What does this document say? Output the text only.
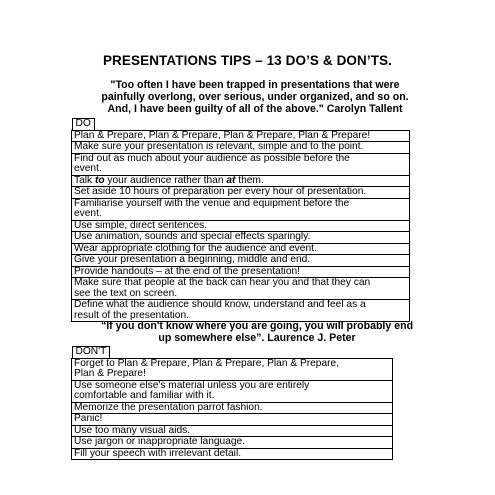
PRESENTATIONS TIPS – 13 DO’S & DON’TS.
"Too often I have been trapped in presentations that were
painfully overlong, over serious, under organized, and so on.
And, I have been guilty of all of the above." Carolyn Tallent
DO
Plan & Prepare, Plan & Prepare, Plan & Prepare, Plan & Prepare!
Make sure your presentation is relevant, simple and to the point.
Find out as much about your audience as possible before the
event.
Talk to your audience rather than at them.
Set aside 10 hours of preparation per every hour of presentation.
Familiarise yourself with the venue and equipment before the
event.
Use simple, direct sentences.
Use animation, sounds and special effects sparingly.
Wear appropriate clothing for the audience and event.
Give your presentation a beginning, middle and end.
Provide handouts – at the end of the presentation!
Make sure that people at the back can hear you and that they can
see the text on screen.
Define what the audience should know, understand and feel as a
result of the presentation.
“If you don't know where you are going, you will probably end
up somewhere else”. Laurence J. Peter
DON'T
Forget to Plan & Prepare, Plan & Prepare, Plan & Prepare,
Plan & Prepare!
Use someone else's material unless you are entirely
comfortable and familiar with it.
Memorize the presentation parrot fashion.
Panic!
Use too many visual aids.
Use jargon or inappropriate language.
Fill your speech with irrelevant detail.
